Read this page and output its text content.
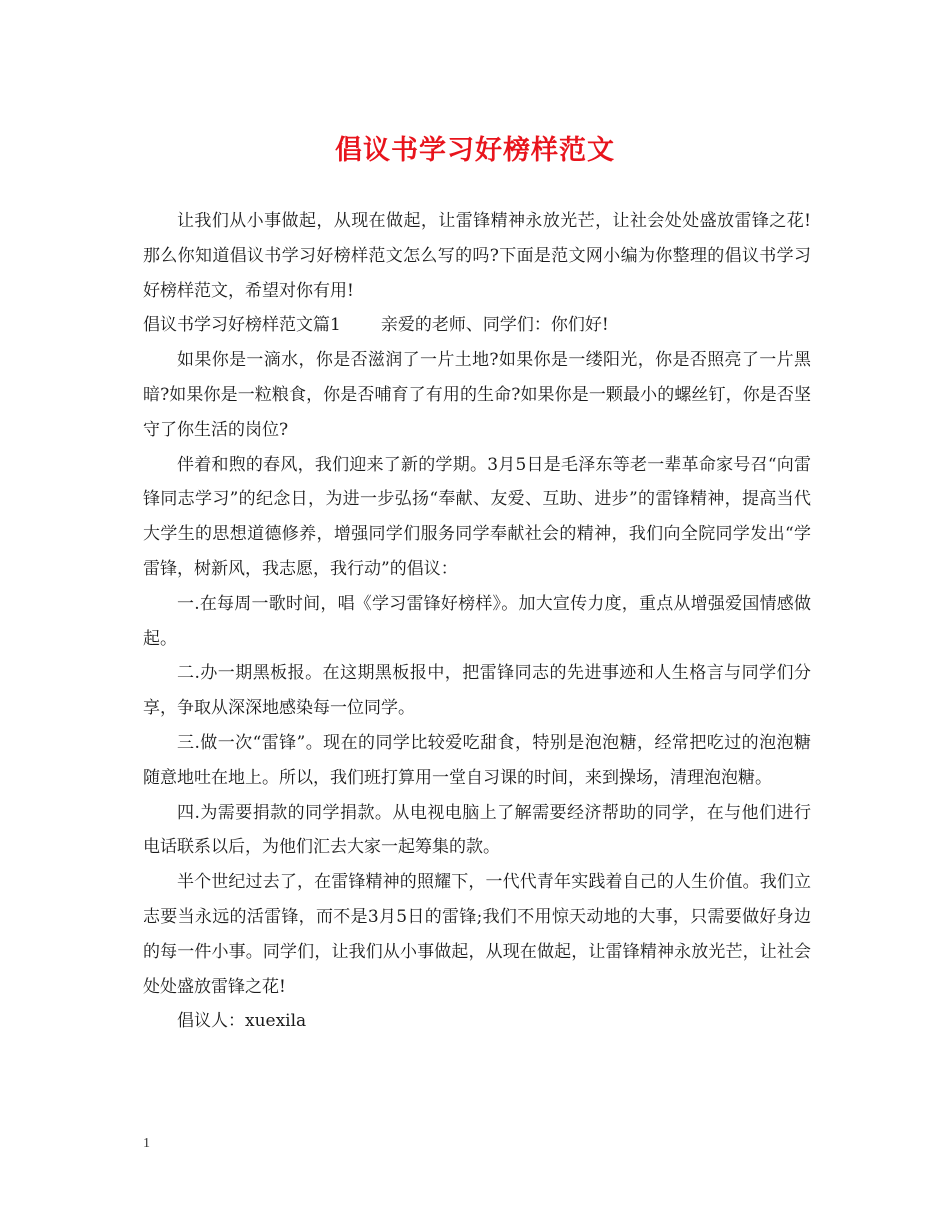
倡议书学习好榜样范文

让我们从小事做起，从现在做起，让雷锋精神永放光芒，让社会处处盛放雷锋之花!那么你知道倡议书学习好榜样范文怎么写的吗?下面是范文网小编为你整理的倡议书学习好榜样范文，希望对你有用!

倡议书学习好榜样范文篇1 亲爱的老师、同学们：你们好!

如果你是一滴水，你是否滋润了一片土地?如果你是一缕阳光，你是否照亮了一片黑暗?如果你是一粒粮食，你是否哺育了有用的生命?如果你是一颗最小的螺丝钉，你是否坚守了你生活的岗位?

伴着和煦的春风，我们迎来了新的学期。3月5日是毛泽东等老一辈革命家号召“向雷锋同志学习”的纪念日，为进一步弘扬“奉献、友爱、互助、进步”的雷锋精神，提高当代大学生的思想道德修养，增强同学们服务同学奉献社会的精神，我们向全院同学发出“学雷锋，树新风，我志愿，我行动”的倡议：

一.在每周一歌时间，唱《学习雷锋好榜样》。加大宣传力度，重点从增强爱国情感做起。

二.办一期黑板报。在这期黑板报中，把雷锋同志的先进事迹和人生格言与同学们分享，争取从深深地感染每一位同学。

三.做一次“雷锋”。现在的同学比较爱吃甜食，特别是泡泡糖，经常把吃过的泡泡糖随意地吐在地上。所以，我们班打算用一堂自习课的时间，来到操场，清理泡泡糖。

四.为需要捐款的同学捐款。从电视电脑上了解需要经济帮助的同学，在与他们进行电话联系以后，为他们汇去大家一起筹集的款。

半个世纪过去了，在雷锋精神的照耀下，一代代青年实践着自己的人生价值。我们立志要当永远的活雷锋，而不是3月5日的雷锋;我们不用惊天动地的大事，只需要做好身边的每一件小事。同学们，让我们从小事做起，从现在做起，让雷锋精神永放光芒，让社会处处盛放雷锋之花!

倡议人：xuexila

1
